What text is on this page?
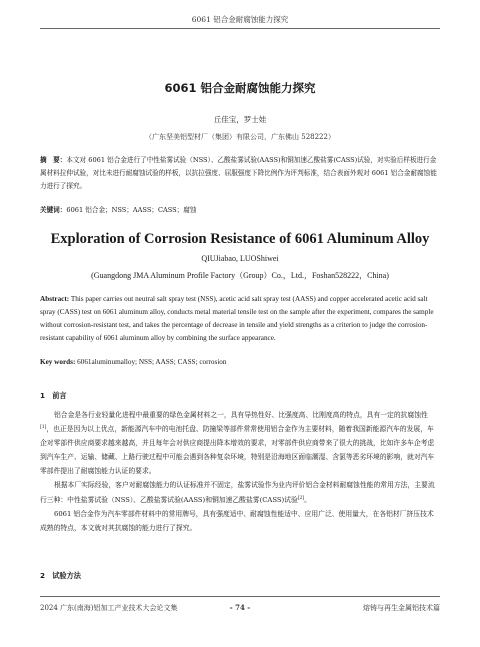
6061 铝合金耐腐蚀能力探究
6061 铝合金耐腐蚀能力探究
丘佳宝，罗士娃
（广东坚美铝型材厂（集团）有限公司，广东佛山 528222）
摘　要：本文对 6061 铝合金进行了中性盐雾试验（NSS）、乙酸盐雾试验(AASS)和铜加速乙酸盐雾(CASS)试验，对实验后样板进行金属材料拉伸试验，对比未进行耐腐蚀试验的样板，以抗拉强度、屈服强度下降比例作为评判标准，结合表面外观对 6061 铝合金耐腐蚀能力进行了探究。
关键词：6061 铝合金；NSS；AASS；CASS；腐蚀
Exploration of Corrosion Resistance of 6061 Aluminum Alloy
QIUJiabao, LUOShiwei
(Guangdong JMA Aluminum Profile Factory（Group）Co.，Ltd.，Foshan528222，China)
Abstract: This paper carries out neutral salt spray test (NSS), acetic acid salt spray test (AASS) and copper accelerated acetic acid salt spray (CASS) test on 6061 aluminum alloy, conducts metal material tensile test on the sample after the experiment, compares the sample without corrosion-resistant test, and takes the percentage of decrease in tensile and yield strengths as a criterion to judge the corrosion-resistant capability of 6061 aluminum alloy by combining the surface appearance.
Key words: 6061aluminumalloy; NSS; AASS; CASS; corrosion
1　前言

铝合金是各行业轻量化进程中最重要的绿色金属材料之一，具有导热性好、比强度高、比刚度高的特点，具有一定的抗腐蚀性[1]，也正是因为以上优点，新能源汽车中的电池托盘、防撞梁等部件常常使用铝合金作为主要材料，随着我国新能源汽车的发展，车企对零部件供应商要求越来越高，并且每年会对供应商提出降本增效的要求，对零部件供应商带来了很大的挑战，比如许多车企考虑到汽车生产、运输、储藏、上路行驶过程中可能会遇到各种复杂环境，特别是沿海地区面临潮湿、含氯等恶劣环境的影响，就对汽车零部件提出了耐腐蚀能力认证的要求。

根据本厂实际经验，客户对耐腐蚀能力的认证标准并不固定，盐雾试验作为业内评价铝合金材料耐腐蚀性能的常用方法，主要流行三种：中性盐雾试验（NSS）、乙酸盐雾试验(AASS)和铜加速乙酸盐雾(CASS)试验[2]。

6061 铝合金作为汽车零部件材料中的常用牌号，具有强度适中、耐腐蚀性能适中、应用广泛、使用量大，在各铝材厂挤压技术成熟的特点，本文就对其抗腐蚀的能力进行了探究。

2　试验方法
2024 广东(南海)铝加工产业技术大会论文集	- 74 -	熔铸与再生金属铝技术篇
